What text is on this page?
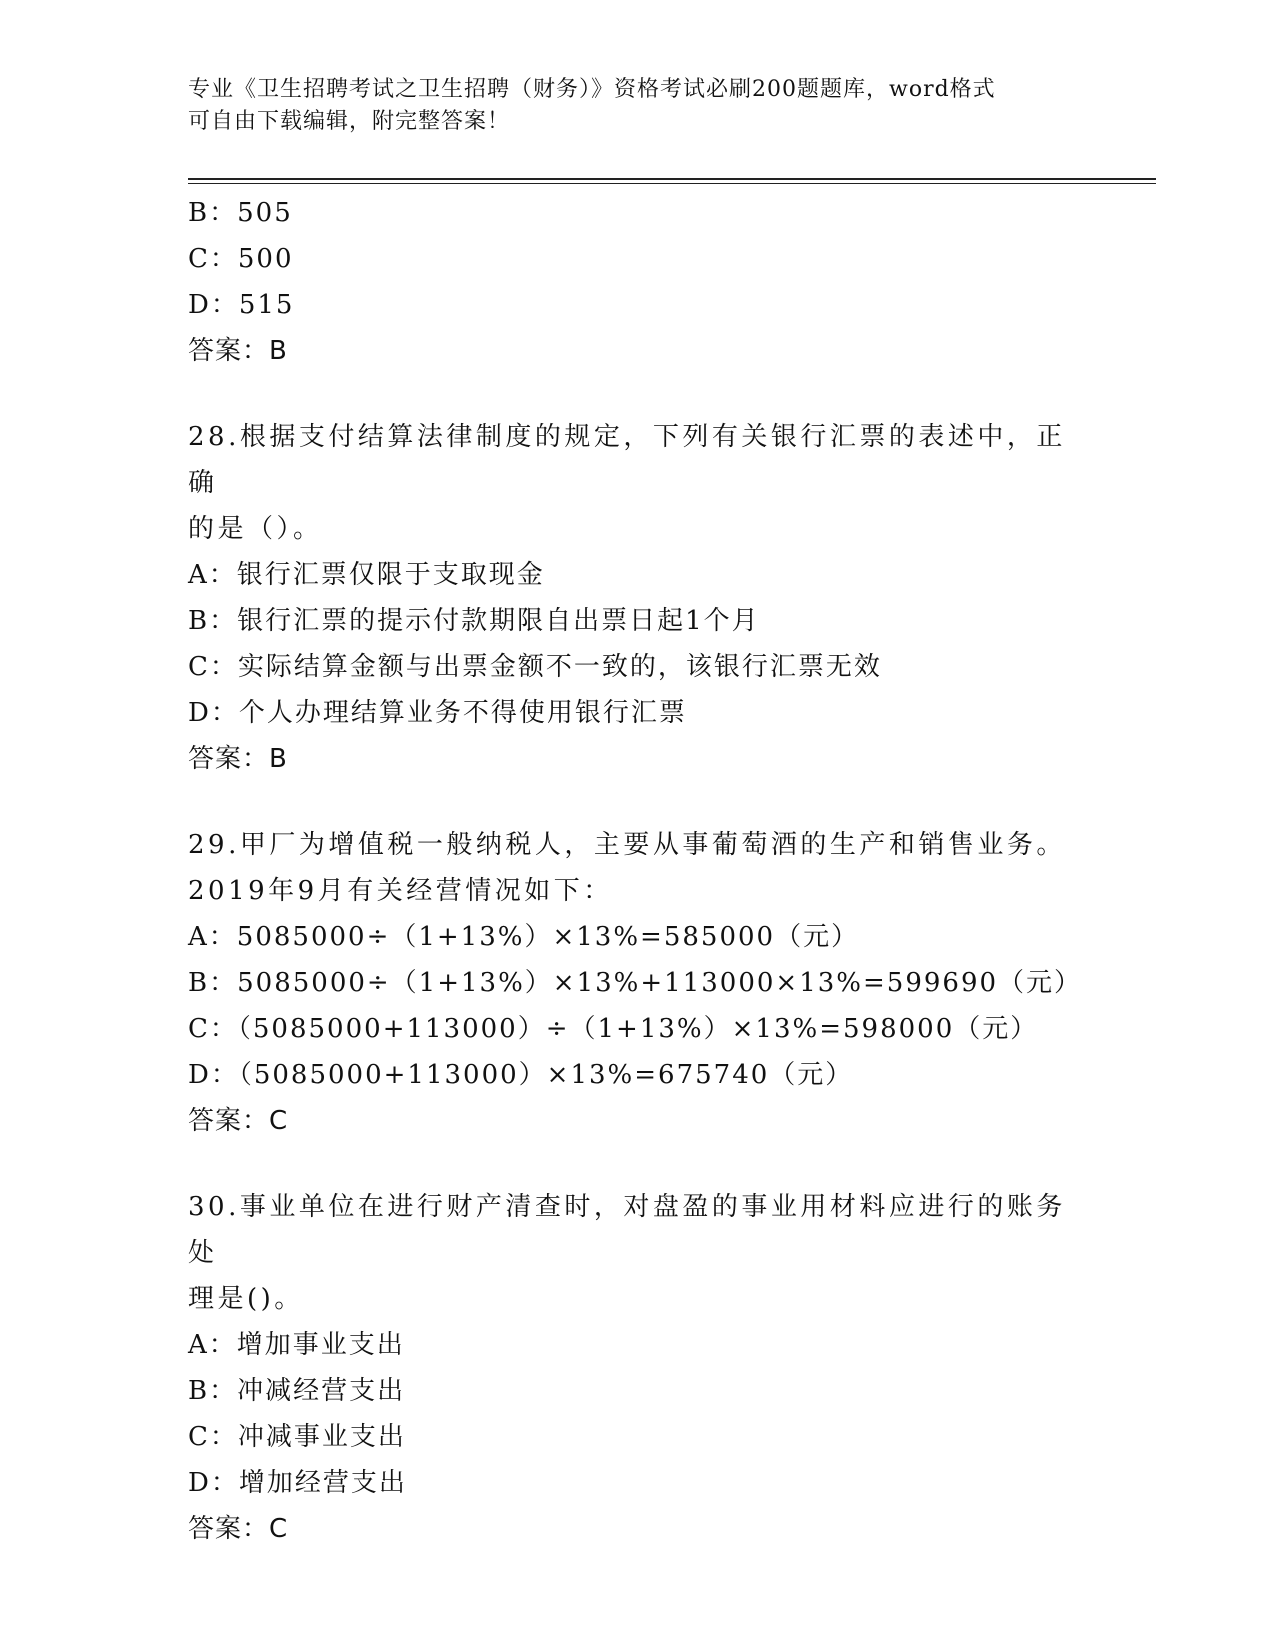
专业《卫生招聘考试之卫生招聘（财务）》资格考试必刷200题题库，word格式
可自由下载编辑，附完整答案！
B：505
C：500
D：515
答案：B
28.根据支付结算法律制度的规定，下列有关银行汇票的表述中，正确
的是（）。
A：银行汇票仅限于支取现金
B：银行汇票的提示付款期限自出票日起1个月
C：实际结算金额与出票金额不一致的，该银行汇票无效
D：个人办理结算业务不得使用银行汇票
答案：B
29.甲厂为增值税一般纳税人，主要从事葡萄酒的生产和销售业务。
2019年9月有关经营情况如下：
A：5085000÷（1+13%）×13%=585000（元）
B：5085000÷（1+13%）×13%+113000×13%=599690（元）
C：（5085000+113000）÷（1+13%）×13%=598000（元）
D：（5085000+113000）×13%=675740（元）
答案：C
30.事业单位在进行财产清查时，对盘盈的事业用材料应进行的账务处
理是()。
A：增加事业支出
B：冲减经营支出
C：冲减事业支出
D：增加经营支出
答案：C
